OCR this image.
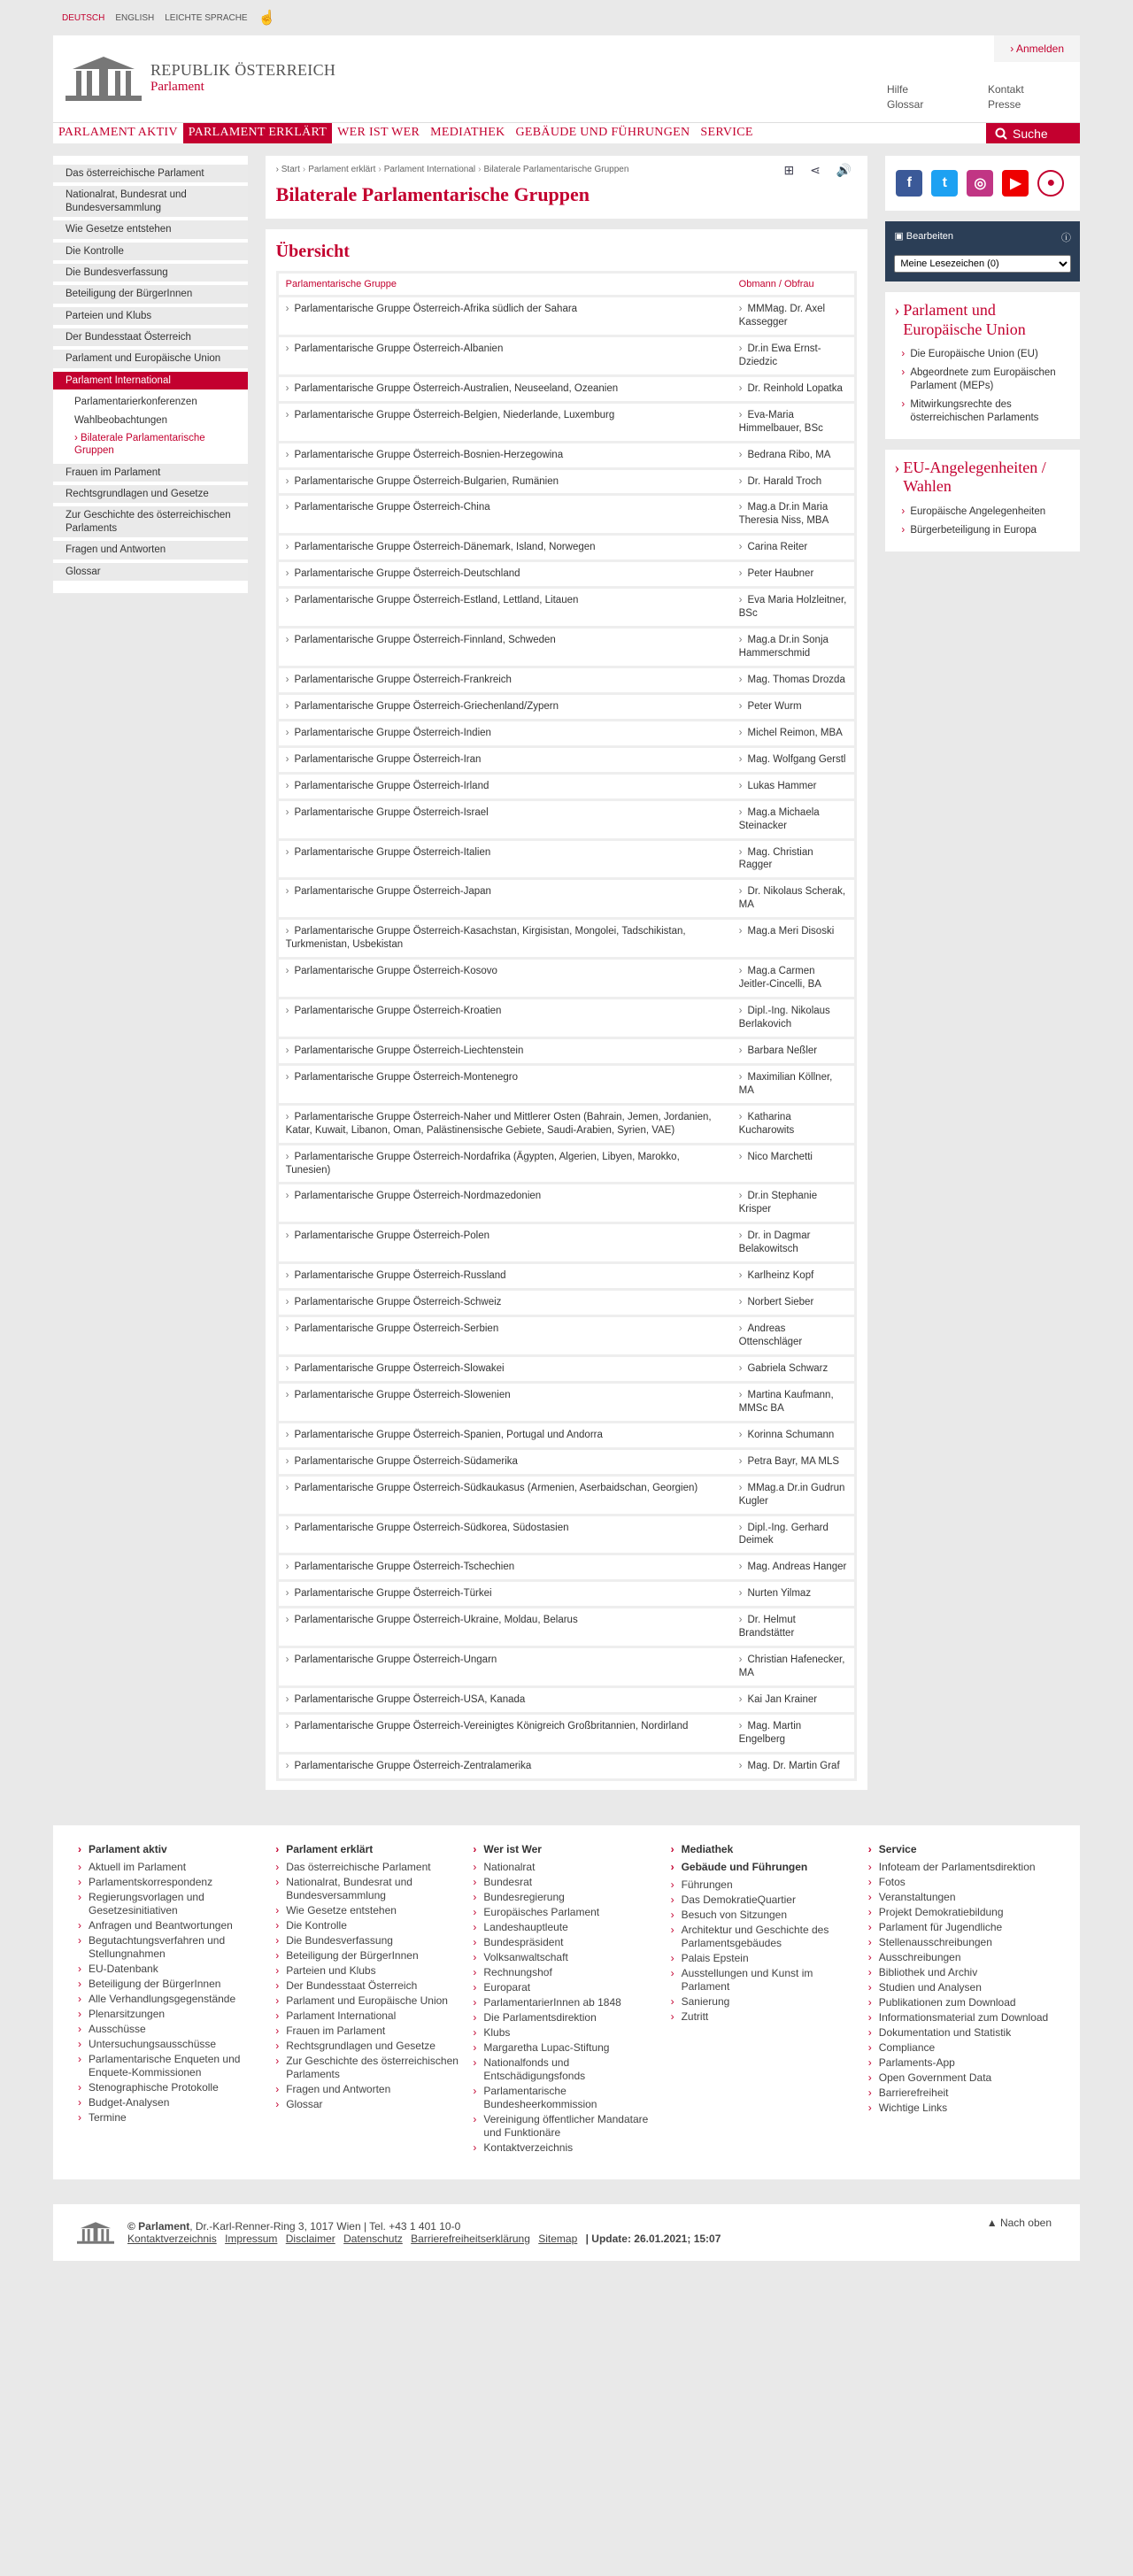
DEUTSCH ENGLISH LEICHTE SPRACHE ☝
REPUBLIK ÖSTERREICH
Parlament
› Anmelden
Hilfe	Kontakt
Glossar	Presse
PARLAMENT AKTIV PARLAMENT ERKLÄRT WER IST WER MEDIATHEK GEBÄUDE UND FÜHRUNGEN SERVICE	Suche
Das österreichische Parlament
Nationalrat, Bundesrat und Bundesversammlung
Wie Gesetze entstehen
Die Kontrolle
Die Bundesverfassung
Beteiligung der BürgerInnen
Parteien und Klubs
Der Bundesstaat Österreich
Parlament und Europäische Union
Parlament International
Parlamentarierkonferenzen
Wahlbeobachtungen
› Bilaterale Parlamentarische Gruppen
Frauen im Parlament
Rechtsgrundlagen und Gesetze
Zur Geschichte des österreichischen Parlaments
Fragen und Antworten
Glossar
› Start › Parlament erklärt › Parlament International › Bilaterale Parlamentarische Gruppen	⊞ ⋖ 🔊
Bilaterale Parlamentarische Gruppen
Übersicht
Parlamentarische Gruppe	Obmann / Obfrau
› Parlamentarische Gruppe Österreich-Afrika südlich der Sahara	› MMMag. Dr. Axel Kassegger
› Parlamentarische Gruppe Österreich-Albanien	› Dr.in Ewa Ernst-Dziedzic
› Parlamentarische Gruppe Österreich-Australien, Neuseeland, Ozeanien	› Dr. Reinhold Lopatka
› Parlamentarische Gruppe Österreich-Belgien, Niederlande, Luxemburg	› Eva-Maria Himmelbauer, BSc
› Parlamentarische Gruppe Österreich-Bosnien-Herzegowina	› Bedrana Ribo, MA
› Parlamentarische Gruppe Österreich-Bulgarien, Rumänien	› Dr. Harald Troch
› Parlamentarische Gruppe Österreich-China	› Mag.a Dr.in Maria Theresia Niss, MBA
› Parlamentarische Gruppe Österreich-Dänemark, Island, Norwegen	› Carina Reiter
› Parlamentarische Gruppe Österreich-Deutschland	› Peter Haubner
› Parlamentarische Gruppe Österreich-Estland, Lettland, Litauen	› Eva Maria Holzleitner, BSc
› Parlamentarische Gruppe Österreich-Finnland, Schweden	› Mag.a Dr.in Sonja Hammerschmid
› Parlamentarische Gruppe Österreich-Frankreich	› Mag. Thomas Drozda
› Parlamentarische Gruppe Österreich-Griechenland/Zypern	› Peter Wurm
› Parlamentarische Gruppe Österreich-Indien	› Michel Reimon, MBA
› Parlamentarische Gruppe Österreich-Iran	› Mag. Wolfgang Gerstl
› Parlamentarische Gruppe Österreich-Irland	› Lukas Hammer
› Parlamentarische Gruppe Österreich-Israel	› Mag.a Michaela Steinacker
› Parlamentarische Gruppe Österreich-Italien	› Mag. Christian Ragger
› Parlamentarische Gruppe Österreich-Japan	› Dr. Nikolaus Scherak, MA
› Parlamentarische Gruppe Österreich-Kasachstan, Kirgisistan, Mongolei, Tadschikistan, Turkmenistan, Usbekistan	› Mag.a Meri Disoski
› Parlamentarische Gruppe Österreich-Kosovo	› Mag.a Carmen Jeitler-Cincelli, BA
› Parlamentarische Gruppe Österreich-Kroatien	› Dipl.-Ing. Nikolaus Berlakovich
› Parlamentarische Gruppe Österreich-Liechtenstein	› Barbara Neßler
› Parlamentarische Gruppe Österreich-Montenegro	› Maximilian Köllner, MA
› Parlamentarische Gruppe Österreich-Naher und Mittlerer Osten (Bahrain, Jemen, Jordanien, Katar, Kuwait, Libanon, Oman, Palästinensische Gebiete, Saudi-Arabien, Syrien, VAE)	› Katharina Kucharowits
› Parlamentarische Gruppe Österreich-Nordafrika (Ägypten, Algerien, Libyen, Marokko, Tunesien)	› Nico Marchetti
› Parlamentarische Gruppe Österreich-Nordmazedonien	› Dr.in Stephanie Krisper
› Parlamentarische Gruppe Österreich-Polen	› Dr. in Dagmar Belakowitsch
› Parlamentarische Gruppe Österreich-Russland	› Karlheinz Kopf
› Parlamentarische Gruppe Österreich-Schweiz	› Norbert Sieber
› Parlamentarische Gruppe Österreich-Serbien	› Andreas Ottenschläger
› Parlamentarische Gruppe Österreich-Slowakei	› Gabriela Schwarz
› Parlamentarische Gruppe Österreich-Slowenien	› Martina Kaufmann, MMSc BA
› Parlamentarische Gruppe Österreich-Spanien, Portugal und Andorra	› Korinna Schumann
› Parlamentarische Gruppe Österreich-Südamerika	› Petra Bayr, MA MLS
› Parlamentarische Gruppe Österreich-Südkaukasus (Armenien, Aserbaidschan, Georgien)	› MMag.a Dr.in Gudrun Kugler
› Parlamentarische Gruppe Österreich-Südkorea, Südostasien	› Dipl.-Ing. Gerhard Deimek
› Parlamentarische Gruppe Österreich-Tschechien	› Mag. Andreas Hanger
› Parlamentarische Gruppe Österreich-Türkei	› Nurten Yilmaz
› Parlamentarische Gruppe Österreich-Ukraine, Moldau, Belarus	› Dr. Helmut Brandstätter
› Parlamentarische Gruppe Österreich-Ungarn	› Christian Hafenecker, MA
› Parlamentarische Gruppe Österreich-USA, Kanada	› Kai Jan Krainer
› Parlamentarische Gruppe Österreich-Vereinigtes Königreich Großbritannien, Nordirland	› Mag. Martin Engelberg
› Parlamentarische Gruppe Österreich-Zentralamerika	› Mag. Dr. Martin Graf
f	t	◎	▶	●
▣ Bearbeiten	ⓘ
Meine Lesezeichen (0)
› Parlament und Europäische Union
› Die Europäische Union (EU)
› Abgeordnete zum Europäischen Parlament (MEPs)
› Mitwirkungsrechte des österreichischen Parlaments
› EU-Angelegenheiten / Wahlen
› Europäische Angelegenheiten
› Bürgerbeteiligung in Europa
› Parlament aktiv
› Aktuell im Parlament
› Parlamentskorrespondenz
› Regierungsvorlagen und Gesetzesinitiativen
› Anfragen und Beantwortungen
› Begutachtungsverfahren und Stellungnahmen
› EU-Datenbank
› Beteiligung der BürgerInnen
› Alle Verhandlungsgegenstände
› Plenarsitzungen
› Ausschüsse
› Untersuchungsausschüsse
› Parlamentarische Enqueten und Enquete-Kommissionen
› Stenographische Protokolle
› Budget-Analysen
› Termine
› Parlament erklärt
› Das österreichische Parlament
› Nationalrat, Bundesrat und Bundesversammlung
› Wie Gesetze entstehen
› Die Kontrolle
› Die Bundesverfassung
› Beteiligung der BürgerInnen
› Parteien und Klubs
› Der Bundesstaat Österreich
› Parlament und Europäische Union
› Parlament International
› Frauen im Parlament
› Rechtsgrundlagen und Gesetze
› Zur Geschichte des österreichischen Parlaments
› Fragen und Antworten
› Glossar
› Wer ist Wer
› Nationalrat
› Bundesrat
› Bundesregierung
› Europäisches Parlament
› Landeshauptleute
› Bundespräsident
› Volksanwaltschaft
› Rechnungshof
› Europarat
› ParlamentarierInnen ab 1848
› Die Parlamentsdirektion
› Klubs
› Margaretha Lupac-Stiftung
› Nationalfonds und Entschädigungsfonds
› Parlamentarische Bundesheerkommission
› Vereinigung öffentlicher Mandatare und Funktionäre
› Kontaktverzeichnis
› Mediathek
› Gebäude und Führungen
› Führungen
› Das DemokratieQuartier
› Besuch von Sitzungen
› Architektur und Geschichte des Parlamentsgebäudes
› Palais Epstein
› Ausstellungen und Kunst im Parlament
› Sanierung
› Zutritt
› Service
› Infoteam der Parlamentsdirektion
› Fotos
› Veranstaltungen
› Projekt Demokratiebildung
› Parlament für Jugendliche
› Stellenausschreibungen
› Ausschreibungen
› Bibliothek und Archiv
› Studien und Analysen
› Publikationen zum Download
› Informationsmaterial zum Download
› Dokumentation und Statistik
› Compliance
› Parlaments-App
› Open Government Data
› Barrierefreiheit
› Wichtige Links
© Parlament, Dr.-Karl-Renner-Ring 3, 1017 Wien | Tel. +43 1 401 10-0
Kontaktverzeichnis Impressum Disclaimer Datenschutz Barrierefreiheitserklärung Sitemap | Update: 26.01.2021; 15:07
▲ Nach oben
